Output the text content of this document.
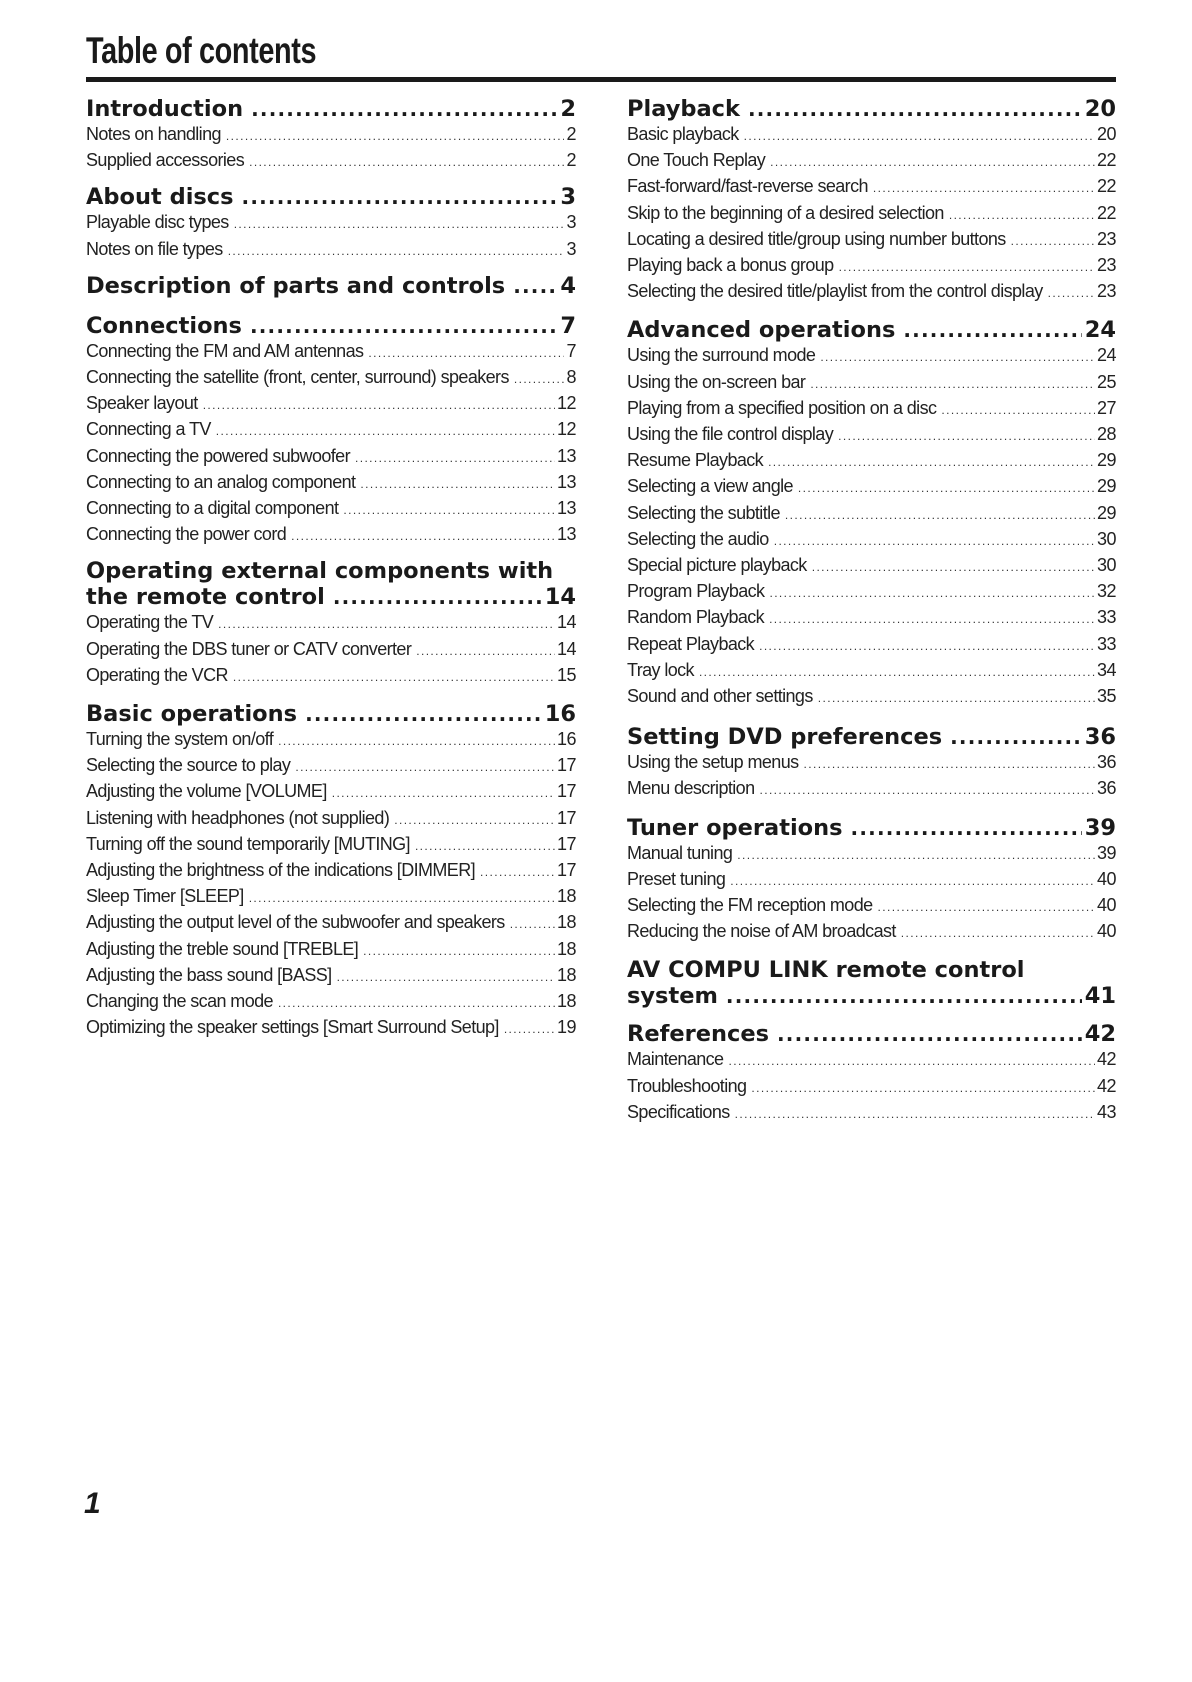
Table of contents
Introduction .....	2
Notes on handling .....	2
Supplied accessories .....	2
About discs .....	3
Playable disc types .....	3
Notes on file types .....	3
Description of parts and controls ..... 4
Connections .....	7
Connecting the FM and AM antennas .....	7
Connecting the satellite (front, center, surround) speakers .....	8
Speaker layout .....	12
Connecting a TV .....	12
Connecting the powered subwoofer .....	13
Connecting to an analog component .....	13
Connecting to a digital component .....	13
Connecting the power cord .....	13
Operating external components with
the remote control .....	14
Operating the TV .....	14
Operating the DBS tuner or CATV converter .....	14
Operating the VCR .....	15
Basic operations .....	16
Turning the system on/off .....	16
Selecting the source to play .....	17
Adjusting the volume [VOLUME] .....	17
Listening with headphones (not supplied) .....	17
Turning off the sound temporarily [MUTING] .....	17
Adjusting the brightness of the indications [DIMMER] .....	17
Sleep Timer [SLEEP] .....	18
Adjusting the output level of the subwoofer and speakers .....	18
Adjusting the treble sound [TREBLE] .....	18
Adjusting the bass sound [BASS] .....	18
Changing the scan mode .....	18
Optimizing the speaker settings [Smart Surround Setup] .....	19
Playback .....	20
Basic playback .....	20
One Touch Replay .....	22
Fast-forward/fast-reverse search .....	22
Skip to the beginning of a desired selection .....	22
Locating a desired title/group using number buttons .....	23
Playing back a bonus group .....	23
Selecting the desired title/playlist from the control display .....	23
Advanced operations .....	24
Using the surround mode .....	24
Using the on-screen bar .....	25
Playing from a specified position on a disc .....	27
Using the file control display .....	28
Resume Playback .....	29
Selecting a view angle .....	29
Selecting the subtitle .....	29
Selecting the audio .....	30
Special picture playback .....	30
Program Playback .....	32
Random Playback .....	33
Repeat Playback .....	33
Tray lock .....	34
Sound and other settings .....	35
Setting DVD preferences .....	36
Using the setup menus .....	36
Menu description .....	36
Tuner operations .....	39
Manual tuning .....	39
Preset tuning .....	40
Selecting the FM reception mode .....	40
Reducing the noise of AM broadcast .....	40
AV COMPU LINK remote control
system .....	41
References .....	42
Maintenance .....	42
Troubleshooting .....	42
Specifications .....	43
1
